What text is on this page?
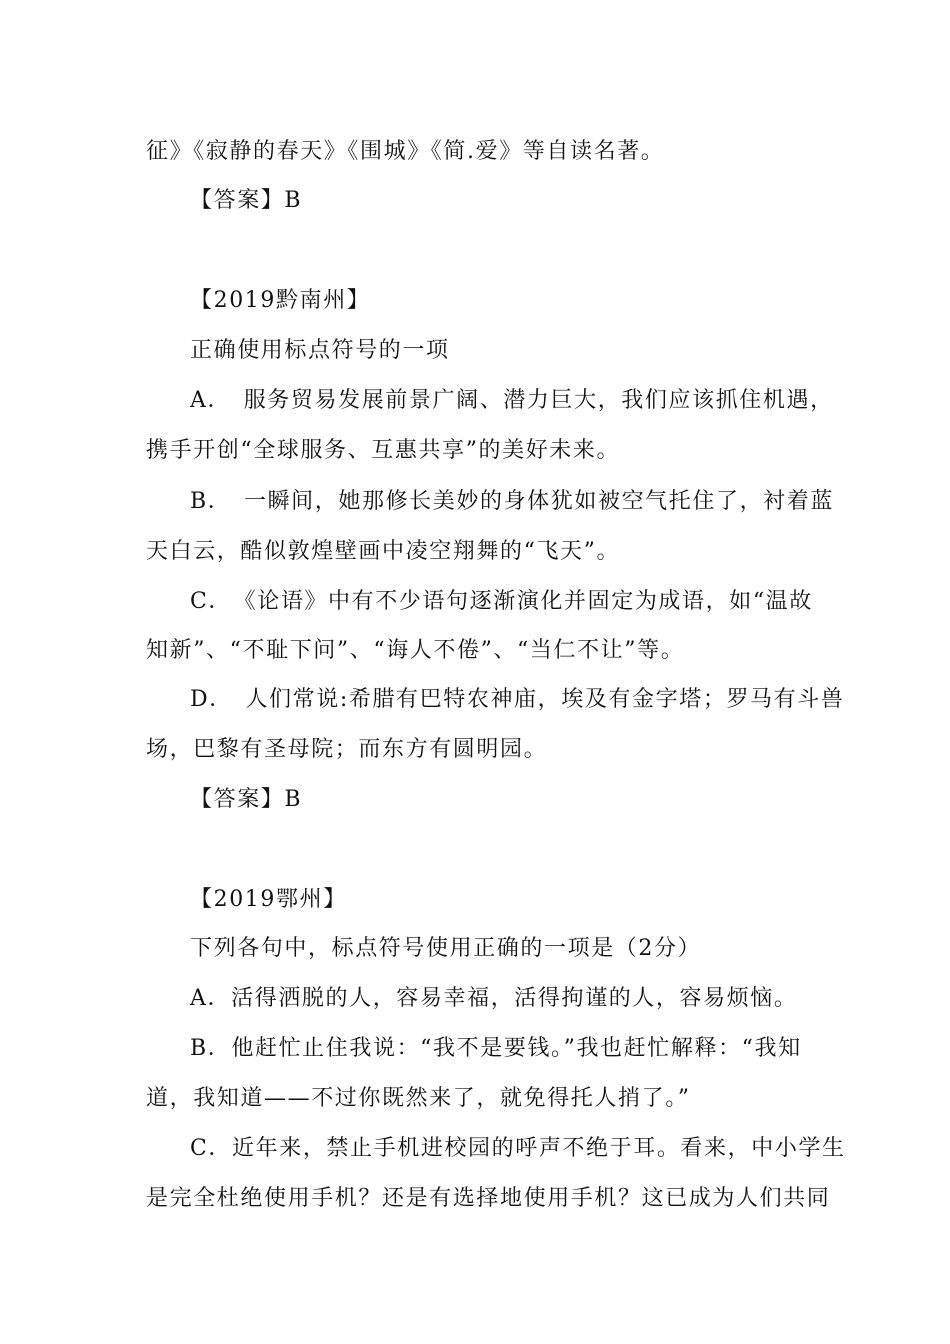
征》《寂静的春天》《围城》《简.爱》等自读名著。
【答案】B
【2019黔南州】
正确使用标点符号的一项
A．　服务贸易发展前景广阔、潜力巨大，我们应该抓住机遇，
携手开创“全球服务、互惠共享”的美好未来。
B．　一瞬间，她那修长美妙的身体犹如被空气托住了，衬着蓝
天白云，酷似敦煌壁画中凌空翔舞的“飞天”。
C．　《论语》中有不少语句逐渐演化并固定为成语，如“温故
知新”、“不耻下问”、“诲人不倦”、“当仁不让”等。
D．　人们常说:希腊有巴特农神庙，埃及有金字塔；罗马有斗兽
场，巴黎有圣母院；而东方有圆明园。
【答案】B
【2019鄂州】
下列各句中，标点符号使用正确的一项是（2分）
A．活得洒脱的人，容易幸福，活得拘谨的人，容易烦恼。
B．他赶忙止住我说：“我不是要钱。”我也赶忙解释：“我知
道，我知道——不过你既然来了，就免得托人捎了。”
C．近年来，禁止手机进校园的呼声不绝于耳。看来，中小学生
是完全杜绝使用手机？还是有选择地使用手机？这已成为人们共同
